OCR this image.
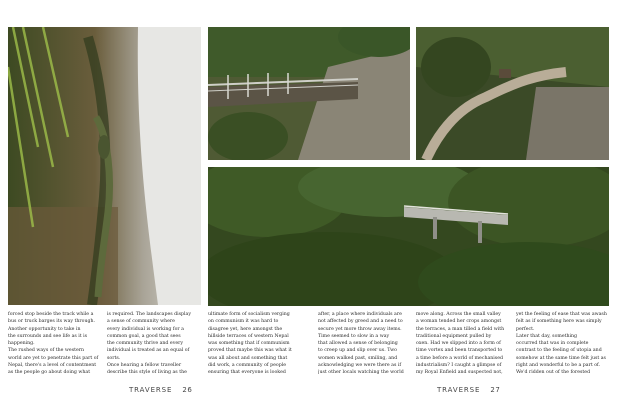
forced stop beside the track while a
bus or truck barges its way through.
Another opportunity to take in
the surrounds and see life as it is
happening.
The rushed ways of the western
world are yet to penetrate this part of
Nepal, there's a level of contentment
as the people go about doing what
is required. The landscapes display
a sense of community where
every individual is working for a
common goal, a good that sees
the community thrive and every
individual is treated as an equal of
sorts.
Once hearing a fellow traveller
describe this style of living as the
ultimate form of socialism verging
on communism it was hard to
disagree yet, here amongst the
hillside terraces of western Nepal
was something that if communism
proved that maybe this was what it
was all about and something that
did work, a community of people
ensuring that everyone is looked
after, a place where individuals are
not affected by greed and a need to
secure yet more throw away items.
Time seemed to slow in a way
that allowed a sense of belonging
to creep up and slip over us. Two
women walked past, smiling, and
acknowledging we were there as if
just other locals watching the world
move along. Across the small valley
a woman tended her crops amongst
the terraces, a man tilled a field with
traditional equipment pulled by
oxen. Had we slipped into a form of
time vortex and been transported to
a time before a world of mechanised
industrialism? I caught a glimpse of
my Royal Enfield and suspected not,
yet the feeling of ease that was awash
felt as if something here was simply
perfect.
Later that day, something
occurred that was in complete
contrast to the feeling of utopia and
somehow at the same time felt just as
right and wonderful to be a part of.
We'd ridden out of the forested
TRAVERSE 26	TRAVERSE 27
